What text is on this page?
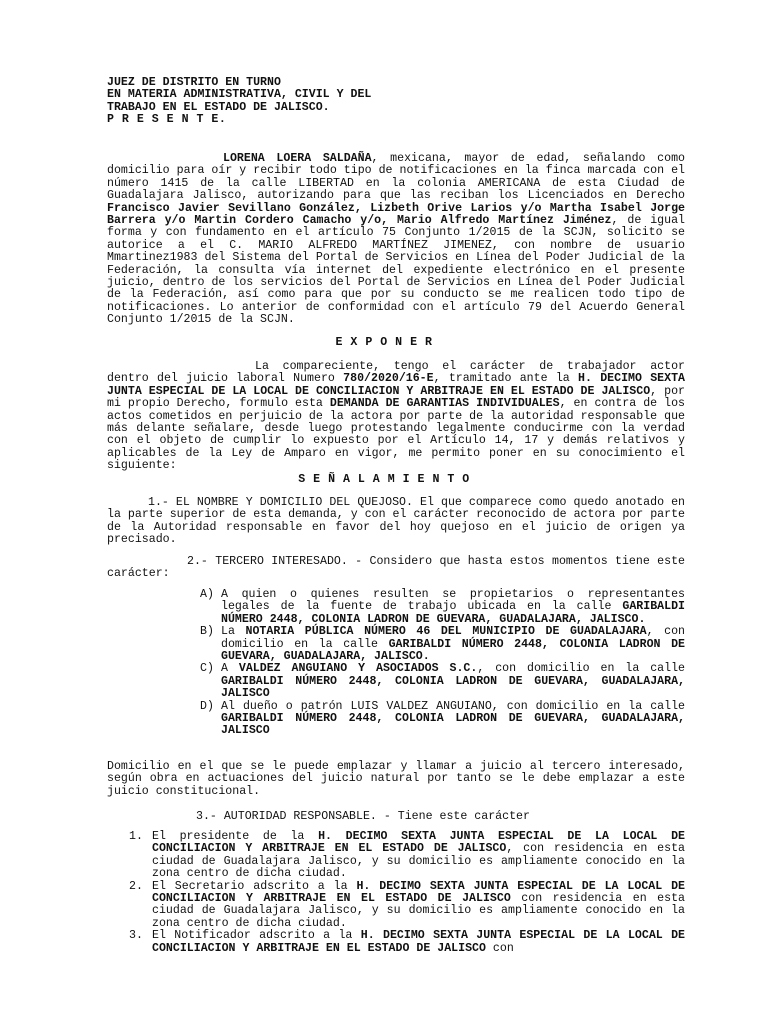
JUEZ DE DISTRITO EN TURNO
EN MATERIA ADMINISTRATIVA, CIVIL Y DEL
TRABAJO EN EL ESTADO DE JALISCO.
P R E S E N T E.
LORENA LOERA SALDAÑA, mexicana, mayor de edad, señalando como domicilio para oír y recibir todo tipo de notificaciones en la finca marcada con el número 1415 de la calle LIBERTAD en la colonia AMERICANA de esta Ciudad de Guadalajara Jalisco, autorizando para que las reciban los Licenciados en Derecho Francisco Javier Sevillano González, Lizbeth Orive Larios y/o Martha Isabel Jorge Barrera y/o Martin Cordero Camacho y/o, Mario Alfredo Martínez Jiménez, de igual forma y con fundamento en el artículo 75 Conjunto 1/2015 de la SCJN, solicito se autorice a el C. MARIO ALFREDO MARTÍNEZ JIMENEZ, con nombre de usuario Mmartinez1983 del Sistema del Portal de Servicios en Línea del Poder Judicial de la Federación, la consulta vía internet del expediente electrónico en el presente juicio, dentro de los servicios del Portal de Servicios en Línea del Poder Judicial de la Federación, así como para que por su conducto se me realicen todo tipo de notificaciones. Lo anterior de conformidad con el artículo 79 del Acuerdo General Conjunto 1/2015 de la SCJN.
E X P O N E R
La compareciente, tengo el carácter de trabajador actor dentro del juicio laboral Numero 780/2020/16-E, tramitado ante la H. DECIMO SEXTA JUNTA ESPECIAL DE LA LOCAL DE CONCILIACION Y ARBITRAJE EN EL ESTADO DE JALISCO, por mi propio Derecho, formulo esta DEMANDA DE GARANTIAS INDIVIDUALES, en contra de los actos cometidos en perjuicio de la actora por parte de la autoridad responsable que más delante señalare, desde luego protestando legalmente conducirme con la verdad con el objeto de cumplir lo expuesto por el Artículo 14, 17 y demás relativos y aplicables de la Ley de Amparo en vigor, me permito poner en su conocimiento el siguiente:
S E Ñ A L A M I E N T O
1.- EL NOMBRE Y DOMICILIO DEL QUEJOSO. El que comparece como quedo anotado en la parte superior de esta demanda, y con el carácter reconocido de actora por parte de la Autoridad responsable en favor del hoy quejoso en el juicio de origen ya precisado.
2.- TERCERO INTERESADO. - Considero que hasta estos momentos tiene este carácter:
A) A quien o quienes resulten se propietarios o representantes legales de la fuente de trabajo ubicada en la calle GARIBALDI NÚMERO 2448, COLONIA LADRON DE GUEVARA, GUADALAJARA, JALISCO.
B) La NOTARIA PÚBLICA NÚMERO 46 DEL MUNICIPIO DE GUADALAJARA, con domicilio en la calle GARIBALDI NÚMERO 2448, COLONIA LADRON DE GUEVARA, GUADALAJARA, JALISCO.
C) A VALDEZ ANGUIANO Y ASOCIADOS S.C., con domicilio en la calle GARIBALDI NÚMERO 2448, COLONIA LADRON DE GUEVARA, GUADALAJARA, JALISCO
D) Al dueño o patrón LUIS VALDEZ ANGUIANO, con domicilio en la calle GARIBALDI NÚMERO 2448, COLONIA LADRON DE GUEVARA, GUADALAJARA, JALISCO
Domicilio en el que se le puede emplazar y llamar a juicio al tercero interesado, según obra en actuaciones del juicio natural por tanto se le debe emplazar a este juicio constitucional.
3.- AUTORIDAD RESPONSABLE. - Tiene este carácter
1. El presidente de la H. DECIMO SEXTA JUNTA ESPECIAL DE LA LOCAL DE CONCILIACION Y ARBITRAJE EN EL ESTADO DE JALISCO, con residencia en esta ciudad de Guadalajara Jalisco, y su domicilio es ampliamente conocido en la zona centro de dicha ciudad.
2. El Secretario adscrito a la H. DECIMO SEXTA JUNTA ESPECIAL DE LA LOCAL DE CONCILIACION Y ARBITRAJE EN EL ESTADO DE JALISCO con residencia en esta ciudad de Guadalajara Jalisco, y su domicilio es ampliamente conocido en la zona centro de dicha ciudad.
3. El Notificador adscrito a la H. DECIMO SEXTA JUNTA ESPECIAL DE LA LOCAL DE CONCILIACION Y ARBITRAJE EN EL ESTADO DE JALISCO con
